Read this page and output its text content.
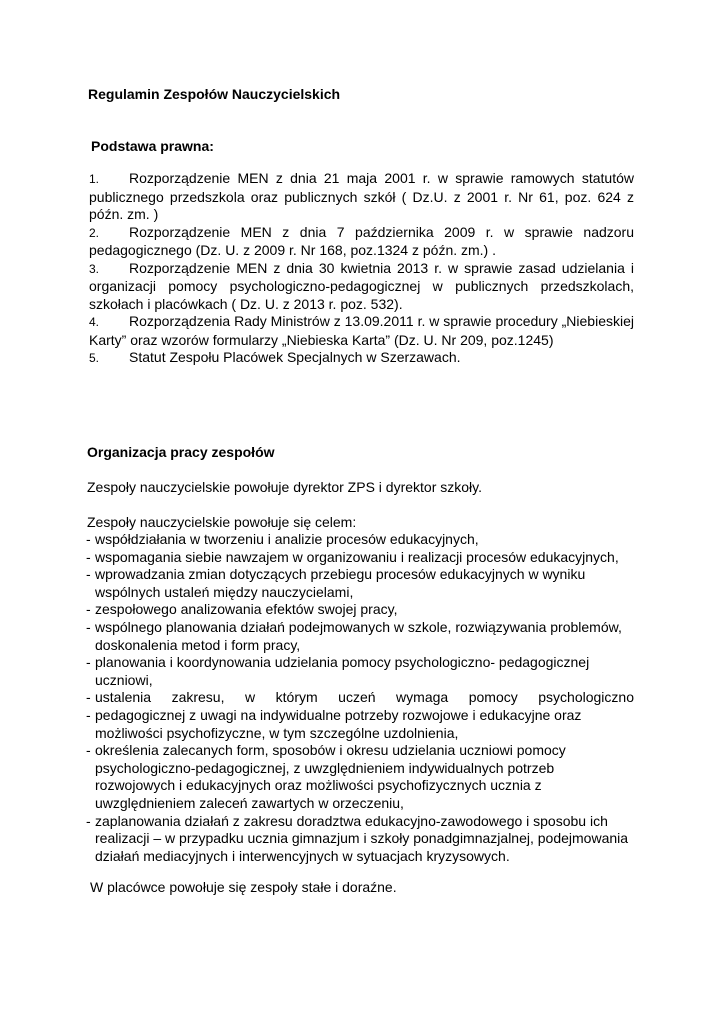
Regulamin Zespołów Nauczycielskich
Podstawa prawna:
1. Rozporządzenie MEN z dnia 21 maja 2001 r. w sprawie ramowych statutów publicznego przedszkola oraz publicznych szkół ( Dz.U. z 2001 r. Nr 61, poz. 624 z późn. zm. )
2. Rozporządzenie MEN z dnia 7 października 2009 r. w sprawie nadzoru pedagogicznego (Dz. U. z 2009 r. Nr 168, poz.1324 z późn. zm.) .
3. Rozporządzenie MEN z dnia 30 kwietnia 2013 r. w sprawie zasad udzielania i organizacji pomocy psychologiczno-pedagogicznej w publicznych przedszkolach, szkołach i placówkach ( Dz. U. z 2013 r. poz. 532).
4. Rozporządzenia Rady Ministrów z 13.09.2011 r. w sprawie procedury „Niebieskiej Karty” oraz wzorów formularzy „Niebieska Karta” (Dz. U. Nr 209, poz.1245)
5. Statut Zespołu Placówek Specjalnych w Szerzawach.
Organizacja pracy zespołów
Zespoły nauczycielskie powołuje dyrektor ZPS i dyrektor szkoły.
Zespoły nauczycielskie powołuje się celem:
- współdziałania w tworzeniu i analizie procesów edukacyjnych,
- wspomagania siebie nawzajem w organizowaniu i realizacji procesów edukacyjnych,
- wprowadzania zmian dotyczących przebiegu procesów edukacyjnych w wyniku wspólnych ustaleń między nauczycielami,
- zespołowego analizowania efektów swojej pracy,
- wspólnego planowania działań podejmowanych w szkole, rozwiązywania problemów, doskonalenia metod i form pracy,
- planowania i koordynowania udzielania pomocy psychologiczno- pedagogicznej uczniowi,
- ustalenia zakresu, w którym uczeń wymaga pomocy psychologiczno
- pedagogicznej z uwagi na indywidualne potrzeby rozwojowe i edukacyjne oraz możliwości psychofizyczne, w tym szczególne uzdolnienia,
- określenia zalecanych form, sposobów i okresu udzielania uczniowi pomocy psychologiczno-pedagogicznej, z uwzględnieniem indywidualnych potrzeb rozwojowych i edukacyjnych oraz możliwości psychofizycznych ucznia z uwzględnieniem zaleceń zawartych w orzeczeniu,
- zaplanowania działań z zakresu doradztwa edukacyjno-zawodowego i sposobu ich realizacji – w przypadku ucznia gimnazjum i szkoły ponadgimnazjalnej, podejmowania działań mediacyjnych i interwencyjnych w sytuacjach kryzysowych.
W placówce powołuje się zespoły stałe i doraźne.
